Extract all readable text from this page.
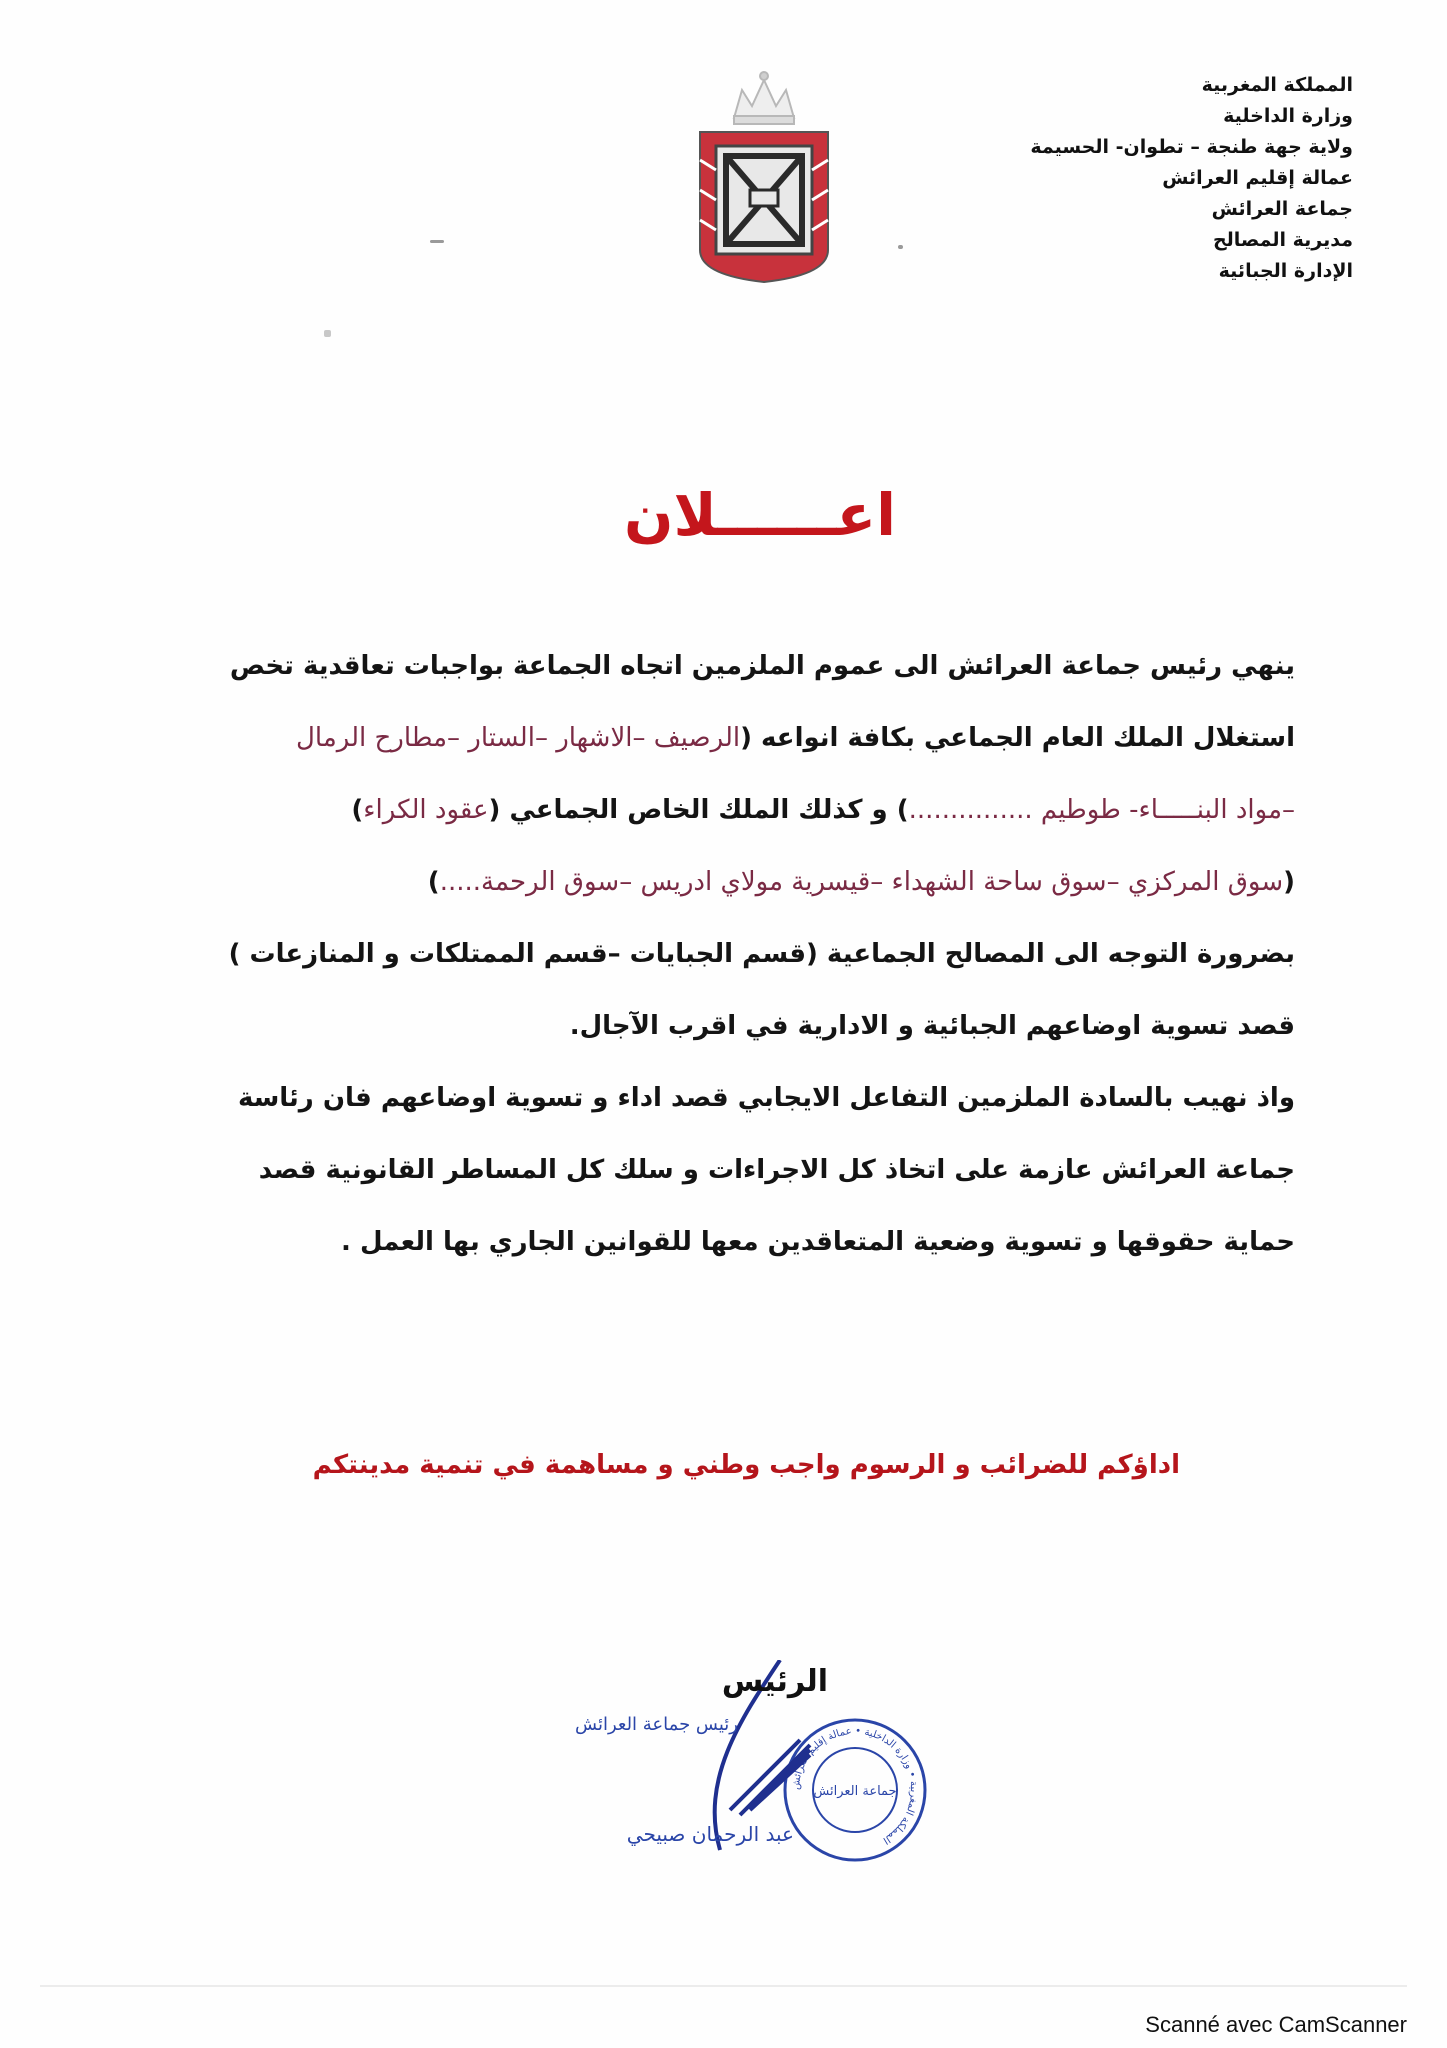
المملكة المغربية
وزارة الداخلية
ولاية جهة طنجة – تطوان- الحسيمة
عمالة إقليم العرائش
جماعة العرائش
مديرية المصالح
الإدارة الجبائية
اعــــــلان
ينهي رئيس جماعة العرائش الى عموم الملزمين اتجاه الجماعة بواجبات تعاقدية تخص
استغلال الملك العام الجماعي بكافة انواعه (الرصيف –الاشهار –الستار –مطارح الرمال
–مواد البنـــــاء- طوطيم ...............) و كذلك الملك الخاص الجماعي (عقود الكراء)
(سوق المركزي –سوق ساحة الشهداء –قيسرية مولاي ادريس –سوق الرحمة.....)
بضرورة التوجه الى المصالح الجماعية (قسم الجبايات –قسم الممتلكات و المنازعات )
قصد تسوية اوضاعهم الجبائية و الادارية في اقرب الآجال.
واذ نهيب بالسادة الملزمين التفاعل الايجابي قصد اداء و تسوية اوضاعهم فان رئاسة
جماعة العرائش عازمة على اتخاذ كل الاجراءات و سلك كل المساطر القانونية قصد
حماية حقوقها و تسوية وضعية المتعاقدين معها للقوانين الجاري بها العمل .
اداؤكم للضرائب و الرسوم واجب وطني و مساهمة في تنمية مدينتكم
المملكة المغربية • وزارة الداخلية • عمالة إقليم العرائش
جماعة العرائش
الرئيس
رئيس جماعة العرائش
عبد الرحمان صبيحي
Scanné avec CamScanner
